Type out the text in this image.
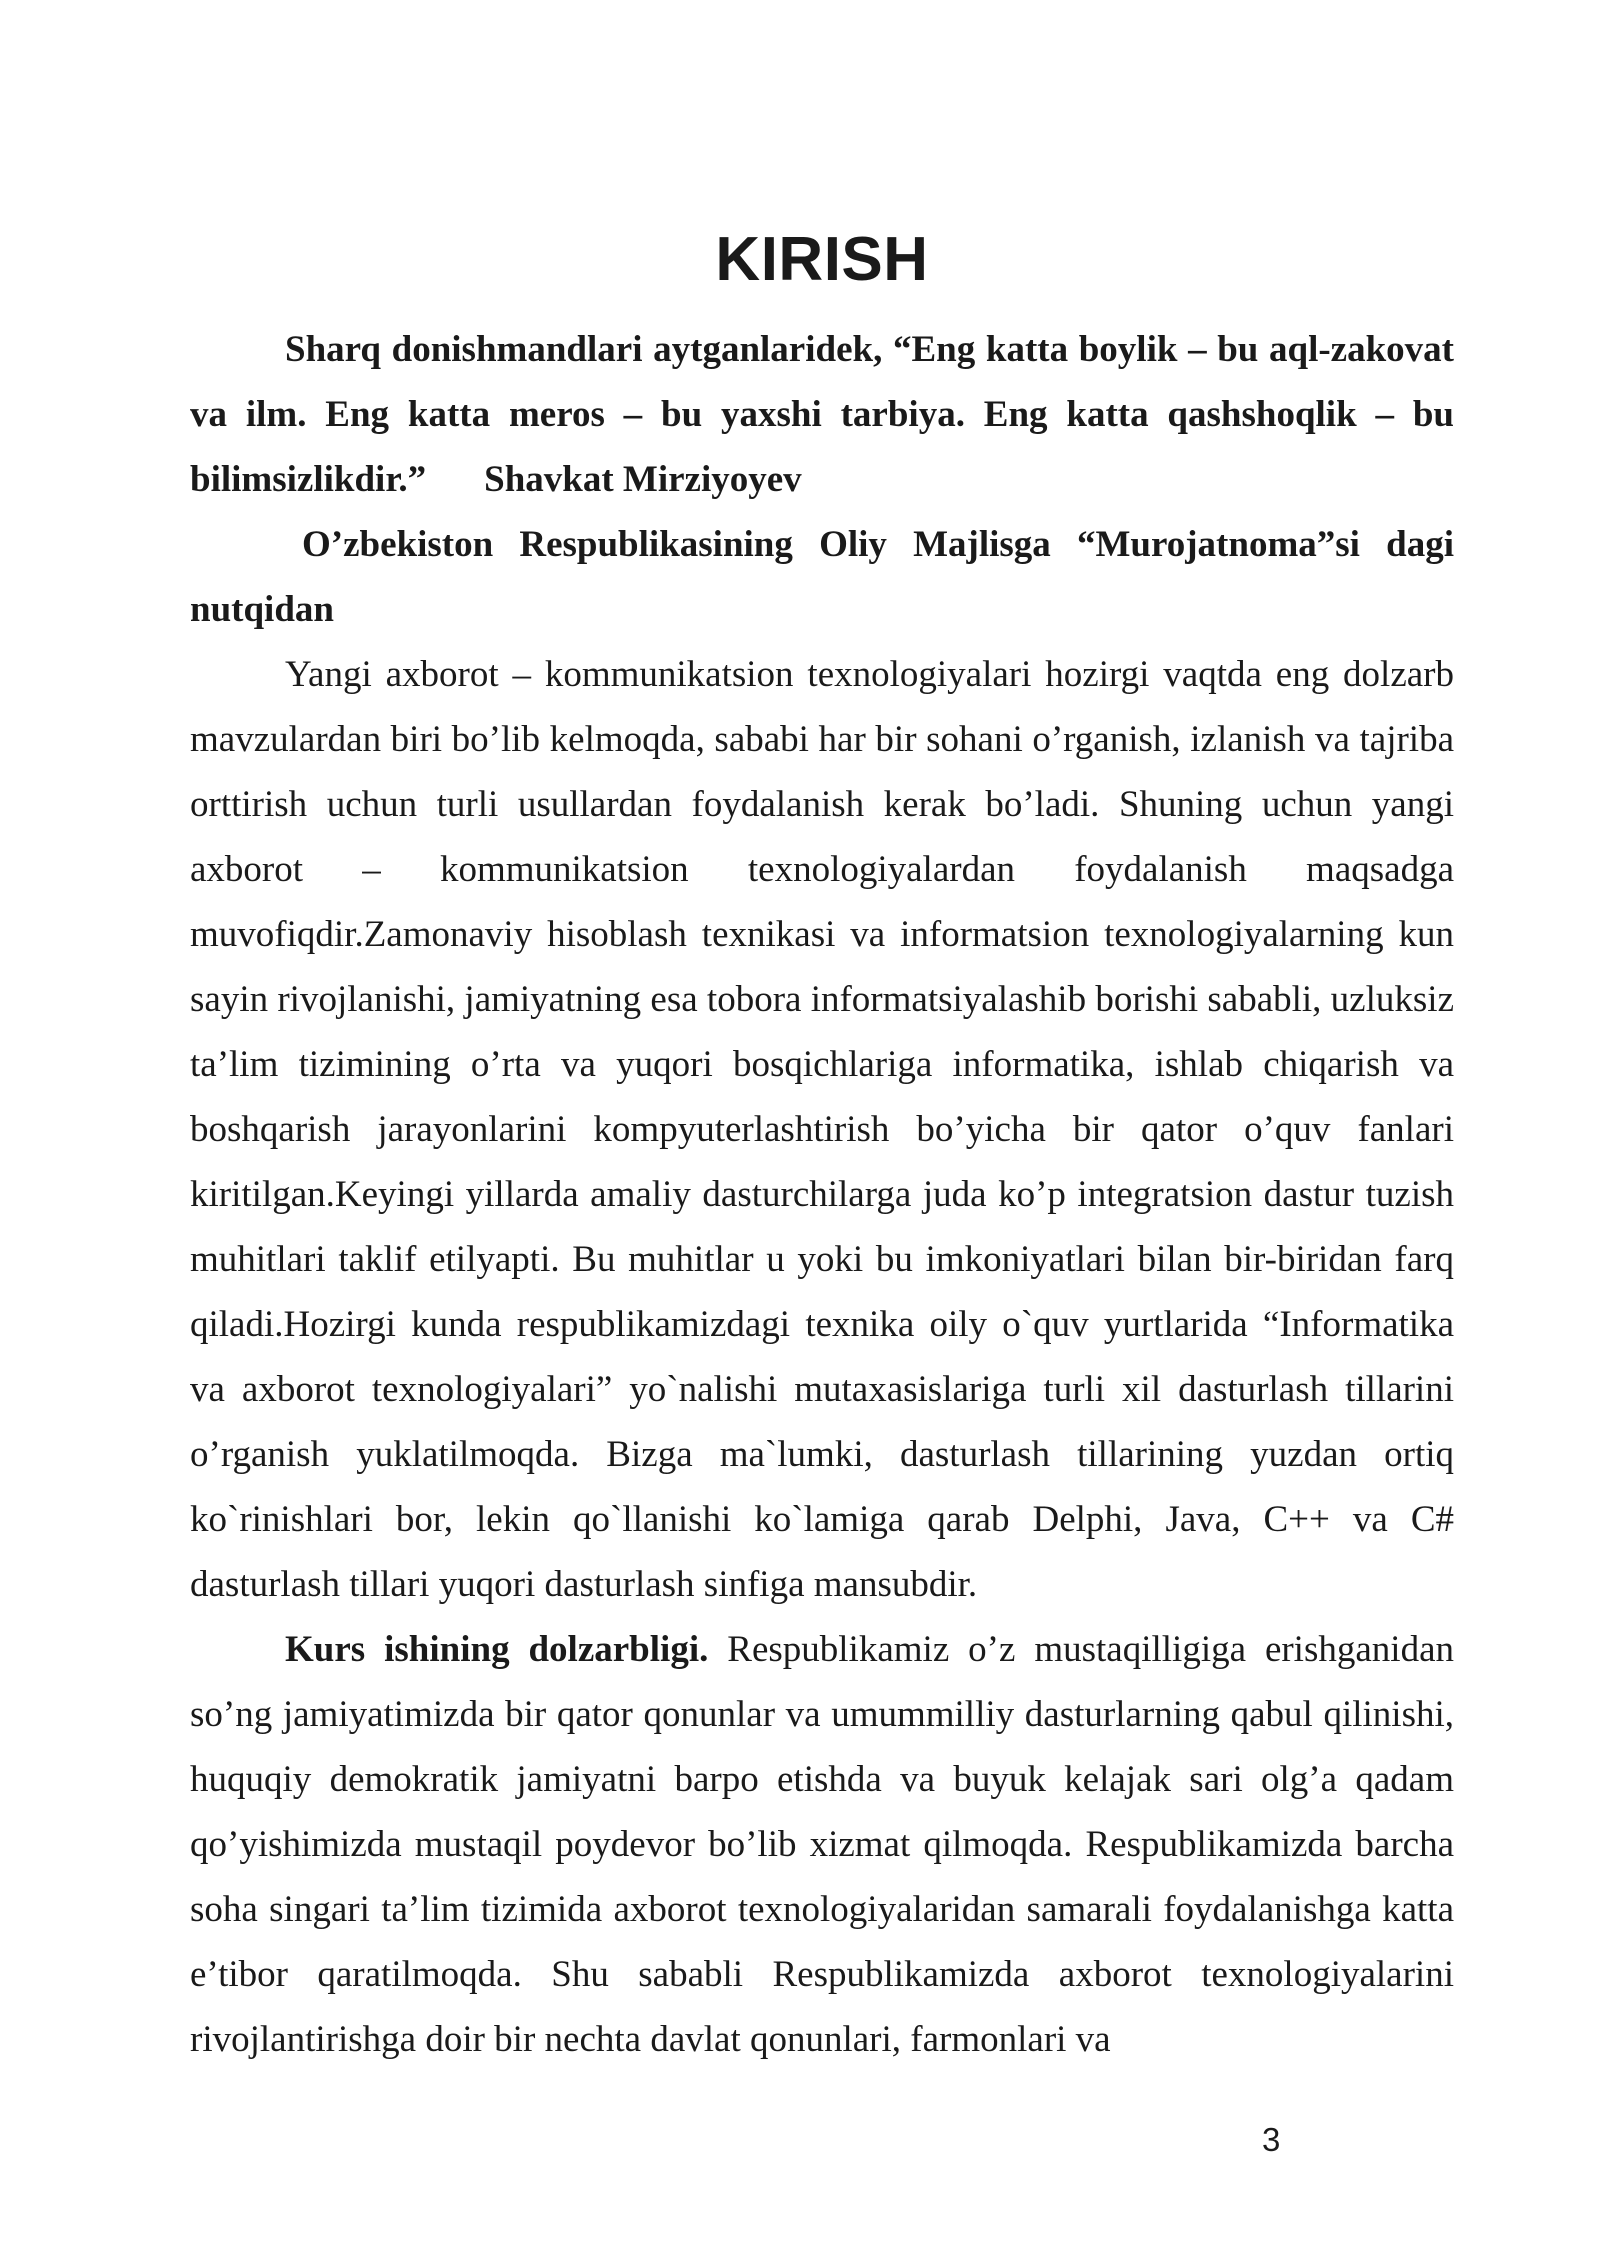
KIRISH

Sharq donishmandlari aytganlaridek, “Eng katta boylik – bu aql-zakovat va ilm. Eng katta meros – bu yaxshi tarbiya. Eng katta qashshoqlik – bu bilimsizlikdir.” Shavkat Mirziyoyev

O’zbekiston Respublikasining Oliy Majlisga “Murojatnoma”si dagi nutqidan

Yangi axborot – kommunikatsion texnologiyalari hozirgi vaqtda eng dolzarb mavzulardan biri bo’lib kelmoqda, sababi har bir sohani o’rganish, izlanish va tajriba orttirish uchun turli usullardan foydalanish kerak bo’ladi. Shuning uchun yangi axborot – kommunikatsion texnologiyalardan foydalanish maqsadga muvofiqdir.Zamonaviy hisoblash texnikasi va informatsion texnologiyalarning kun sayin rivojlanishi, jamiyatning esa tobora informatsiyalashib borishi sababli, uzluksiz ta’lim tizimining o’rta va yuqori bosqichlariga informatika, ishlab chiqarish va boshqarish jarayonlarini kompyuterlashtirish bo’yicha bir qator o’quv fanlari kiritilgan.Keyingi yillarda amaliy dasturchilarga juda ko’p integratsion dastur tuzish muhitlari taklif etilyapti. Bu muhitlar u yoki bu imkoniyatlari bilan bir-biridan farq qiladi.Hozirgi kunda respublikamizdagi texnika oily o`quv yurtlarida “Informatika va axborot texnologiyalari” yo`nalishi mutaxasislariga turli xil dasturlash tillarini o’rganish yuklatilmoqda. Bizga ma`lumki, dasturlash tillarining yuzdan ortiq ko`rinishlari bor, lekin qo`llanishi ko`lamiga qarab Delphi, Java, C++ va C# dasturlash tillari yuqori dasturlash sinfiga mansubdir.

Kurs ishining dolzarbligi. Respublikamiz o’z mustaqilligiga erishganidan so’ng jamiyatimizda bir qator qonunlar va umummilliy dasturlarning qabul qilinishi, huquqiy demokratik jamiyatni barpo etishda va buyuk kelajak sari olg’a qadam qo’yishimizda mustaqil poydevor bo’lib xizmat qilmoqda. Respublikamizda barcha soha singari ta’lim tizimida axborot texnologiyalaridan samarali foydalanishga katta e’tibor qaratilmoqda. Shu sababli Respublikamizda axborot texnologiyalarini rivojlantirishga doir bir nechta davlat qonunlari, farmonlari va

3
